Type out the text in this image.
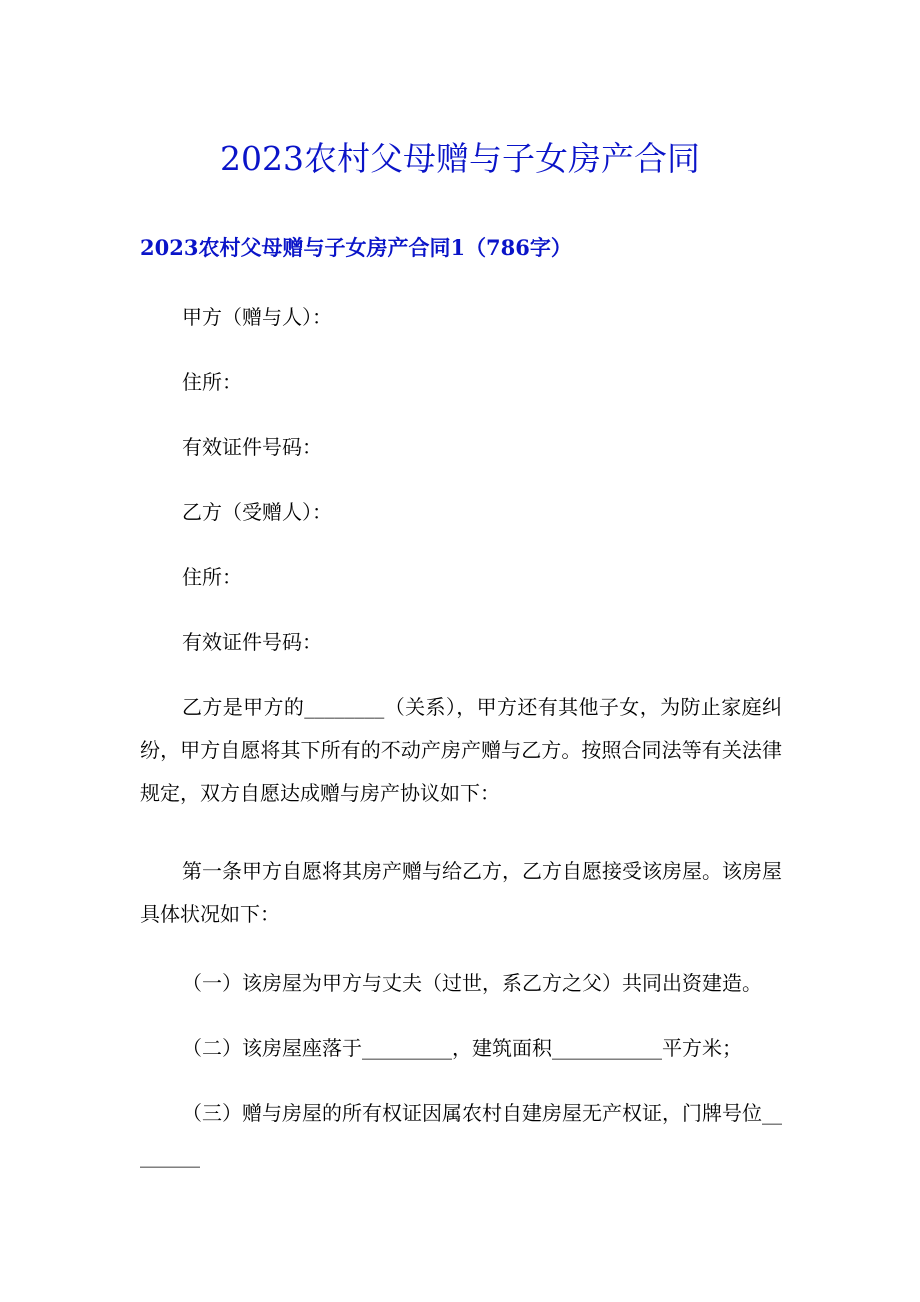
2023农村父母赠与子女房产合同
2023农村父母赠与子女房产合同1（786字）

甲方（赠与人）：

住所：

有效证件号码：

乙方（受赠人）：

住所：

有效证件号码：

乙方是甲方的________（关系），甲方还有其他子女，为防止家庭纠纷，甲方自愿将其下所有的不动产房产赠与乙方。按照合同法等有关法律规定，双方自愿达成赠与房产协议如下：

第一条甲方自愿将其房产赠与给乙方，乙方自愿接受该房屋。该房屋具体状况如下：

（一）该房屋为甲方与丈夫（过世，系乙方之父）共同出资建造。

（二）该房屋座落于_________，建筑面积___________平方米；

（三）赠与房屋的所有权证因属农村自建房屋无产权证，门牌号位________
